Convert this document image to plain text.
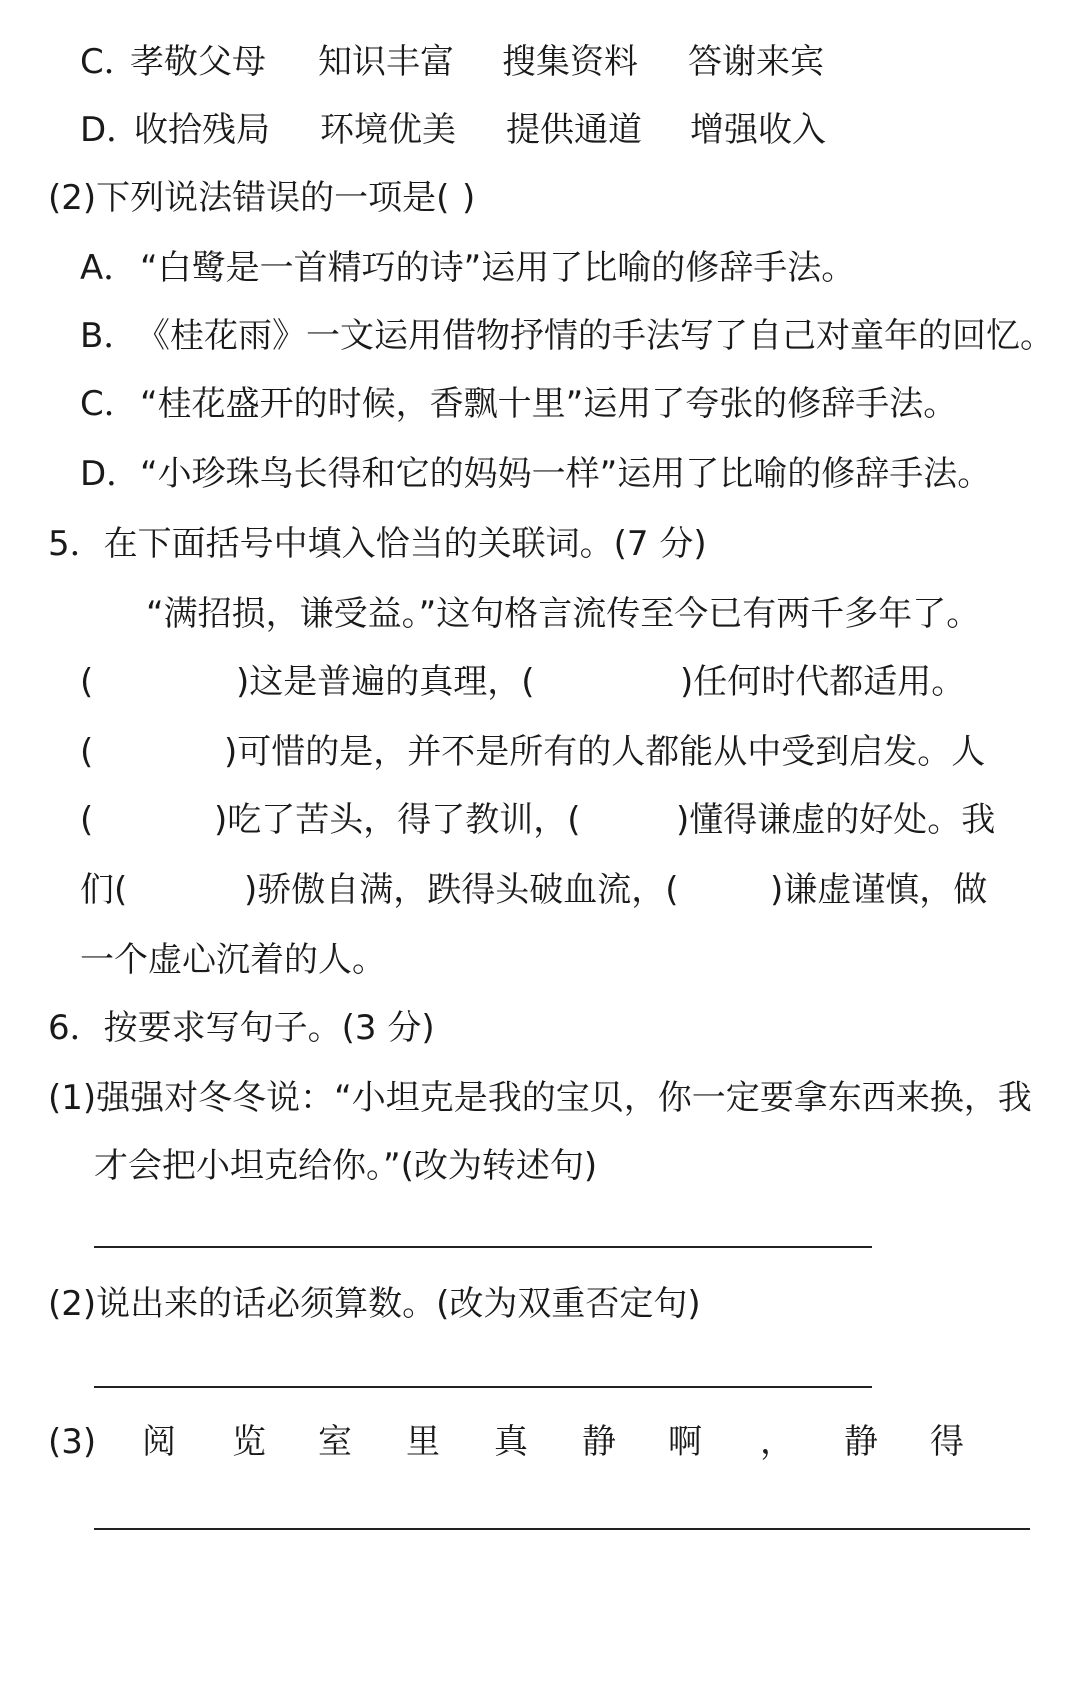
C．
孝敬父母 知识丰富 搜集资料 答谢来宾
D．
收拾残局 环境优美 提供通道 增强收入
(2)下列说法错误的一项是( )
A． “白鹭是一首精巧的诗”运用了比喻的修辞手法。
B．
《桂花雨》一文运用借物抒情的手法写了自己对童年的回忆。
C． “桂花盛开的时候，香飘十里”运用了夸张的修辞手法。
D． “小珍珠鸟长得和它的妈妈一样”运用了比喻的修辞手法。
5．在下面括号中填入恰当的关联词。(7 分)
“满招损，谦受益。”这句格言流传至今已有两千多年了。
(	)这是普遍的真理，(	)任何时代都适用。
(	)可惜的是，并不是所有的人都能从中受到启发。人
(	)吃了苦头，得了教训，(	)懂得谦虚的好处。我
们(	)骄傲自满，跌得头破血流，(	)谦虚谨慎，做
一个虚心沉着的人。
6．按要求写句子。(3 分)
(1)强强对冬冬说：“小坦克是我的宝贝，你一定要拿东西来换，我
才会把小坦克给你。”(改为转述句)
(2)说出来的话必须算数。(改为双重否定句)
(3) 阅 览 室 里 真 静 啊 ， 静 得
